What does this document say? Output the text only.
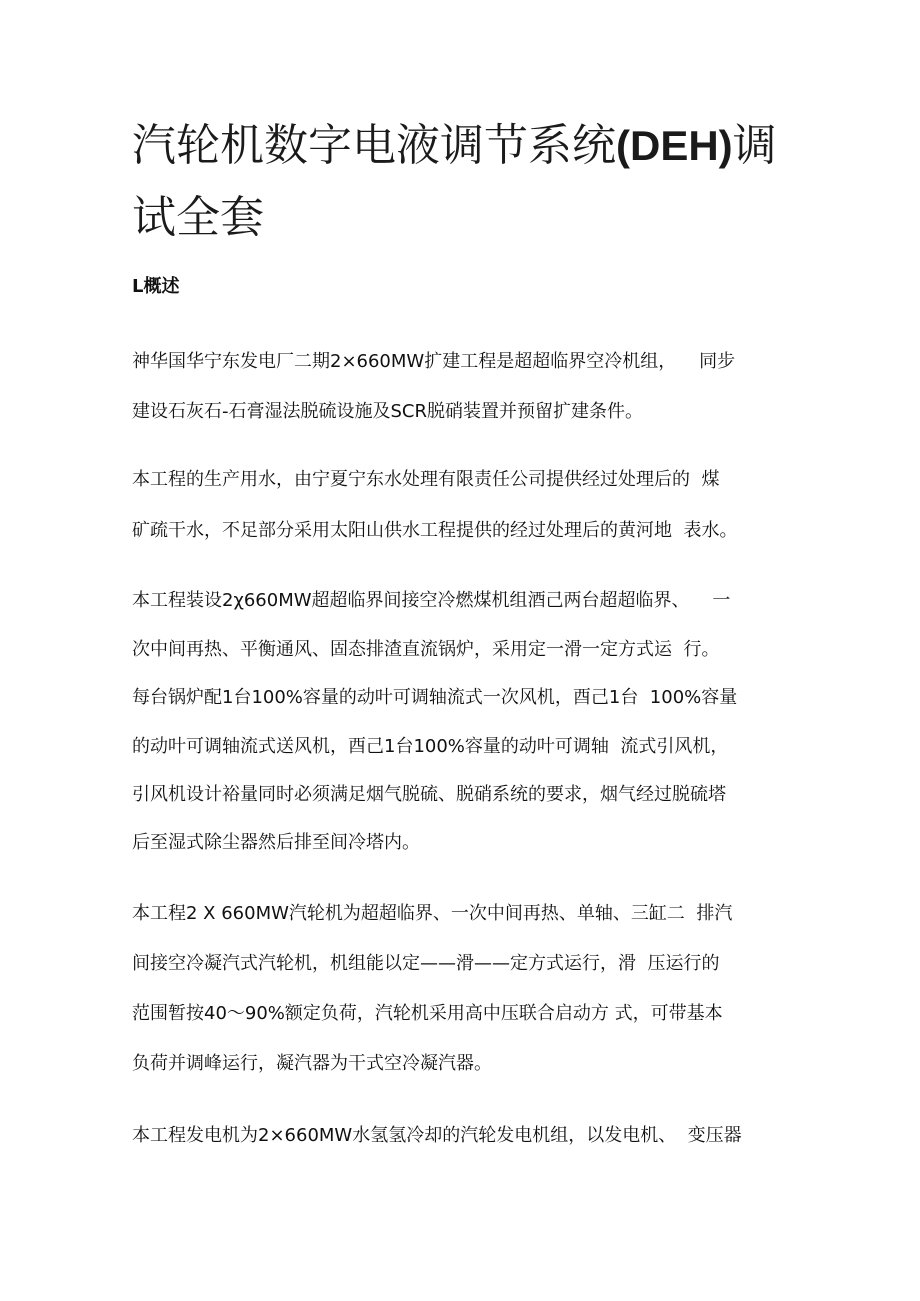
汽轮机数字电液调节系统(DEH)调
试全套
L概述
神华国华宁东发电厂二期2×660MW扩建工程是超超临界空冷机组，    同步
建设石灰石-石膏湿法脱硫设施及SCR脱硝装置并预留扩建条件。
本工程的生产用水，由宁夏宁东水处理有限责任公司提供经过处理后的  煤
矿疏干水，不足部分采用太阳山供水工程提供的经过处理后的黄河地  表水。
本工程装设2χ660MW超超临界间接空冷燃煤机组酒己两台超超临界、    一
次中间再热、平衡通风、固态排渣直流锅炉，采用定一滑一定方式运  行。
每台锅炉配1台100%容量的动叶可调轴流式一次风机，酉己1台  100%容量
的动叶可调轴流式送风机，酉己1台100%容量的动叶可调轴  流式引风机，
引风机设计裕量同时必须满足烟气脱硫、脱硝系统的要求，烟气经过脱硫塔
后至湿式除尘器然后排至间冷塔内。
本工程2 X 660MW汽轮机为超超临界、一次中间再热、单轴、三缸二  排汽
间接空冷凝汽式汽轮机，机组能以定——滑——定方式运行，滑  压运行的
范围暂按40～90%额定负荷，汽轮机采用高中压联合启动方 式，可带基本
负荷并调峰运行，凝汽器为干式空冷凝汽器。
本工程发电机为2×660MW水氢氢冷却的汽轮发电机组，以发电机、  变压器
